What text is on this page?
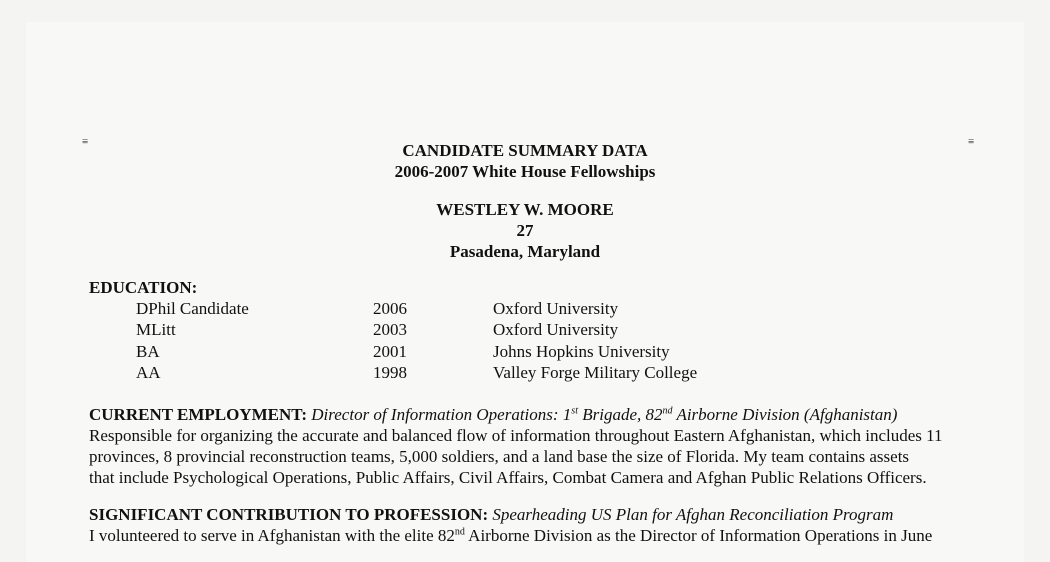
≡	≡
CANDIDATE SUMMARY DATA
2006-2007 White House Fellowships
WESTLEY W. MOORE
27
Pasadena, Maryland
EDUCATION:
DPhil Candidate	2006	Oxford University
MLitt	2003	Oxford University
BA	2001	Johns Hopkins University
AA	1998	Valley Forge Military College
CURRENT EMPLOYMENT: Director of Information Operations: 1st Brigade, 82nd Airborne Division (Afghanistan)
Responsible for organizing the accurate and balanced flow of information throughout Eastern Afghanistan, which includes 11
provinces, 8 provincial reconstruction teams, 5,000 soldiers, and a land base the size of Florida. My team contains assets
that include Psychological Operations, Public Affairs, Civil Affairs, Combat Camera and Afghan Public Relations Officers.
SIGNIFICANT CONTRIBUTION TO PROFESSION: Spearheading US Plan for Afghan Reconciliation Program
I volunteered to serve in Afghanistan with the elite 82nd Airborne Division as the Director of Information Operations in June
